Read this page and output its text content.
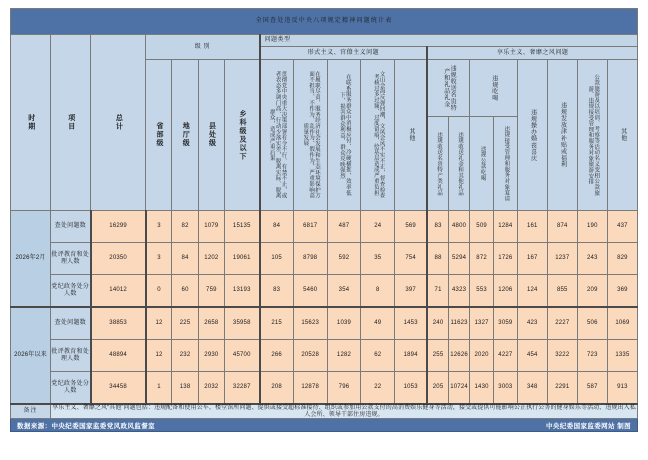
全国查处违反中央八项规定精神问题统计表

时期	项目	总计
	级 别	问题类型
形式主义、官僚主义问题	享乐主义、奢靡之风问题

省部级	地厅级	县处级	乡科级及以下	贯彻党中央重大决策部署有令不行、有禁不止，或者表态多调门高、行动少落实差，脱离实际、脱离群众，造成严重后果	在履职尽责、服务经济社会发展和生态环境保护方面不担当、不作为、乱作为、假作为，严重影响高质量发展	在联系服务群众中消极应付、冷硬横推，效率低下，损害群众利益，群众反映强烈	文山会海反弹回潮，文风会风不实不正，督查检查考核过多过频、过度留痕，给基层造成严重负担	其他

违规收送名贵特产和礼品礼金

违规收送名贵特产类礼品	违规收送礼金和其他礼品

违规吃喝

违规公款吃喝	违规接受管理和服务对象宴请
		违规操办婚丧喜庆	违规发放津补贴或福利	公款旅游及以培训、考察等活动名义变相公款旅游、违规接受管理和服务对象旅游安排	其他

2026年2月	查处问题数	16299	3	82	1079	15135	84	6817	487	24	569	83	4800	509	1284	161	874	190	437
批评教育和处理人数	20350	3	84	1202	19061	105	8798	592	35	754	88	5294	872	1726	167	1237	243	829
党纪政务处分人数	14012	0	60	759	13193	83	5460	354	8	397	71	4323	553	1206	124	855	209	369
2026年以来	查处问题数	38853	12	225	2658	35958	215	15623	1039	49	1453	240	11623	1327	3059	423	2227	506	1069
批评教育和处理人数	48894	12	232	2930	45700	266	20528	1282	62	1894	255	12626	2020	4227	454	3222	723	1335
党纪政务处分人数	34458	1	138	2032	32287	208	12878	796	22	1053	205	10724	1430	3003	348	2291	587	913
备注	享乐主义、奢靡之风“其他”问题包括：违规配备和使用公车、楼堂馆所问题、提供或接受超标准接待、组织或参加用公款支付的高消费娱乐健身等活动，接受或提供可能影响公正执行公务的健身娱乐等活动、违规出入私人会所、领导干部住房违规。
数据来源：中央纪委国家监委党风政风监督室	中央纪委国家监委网站 制图
